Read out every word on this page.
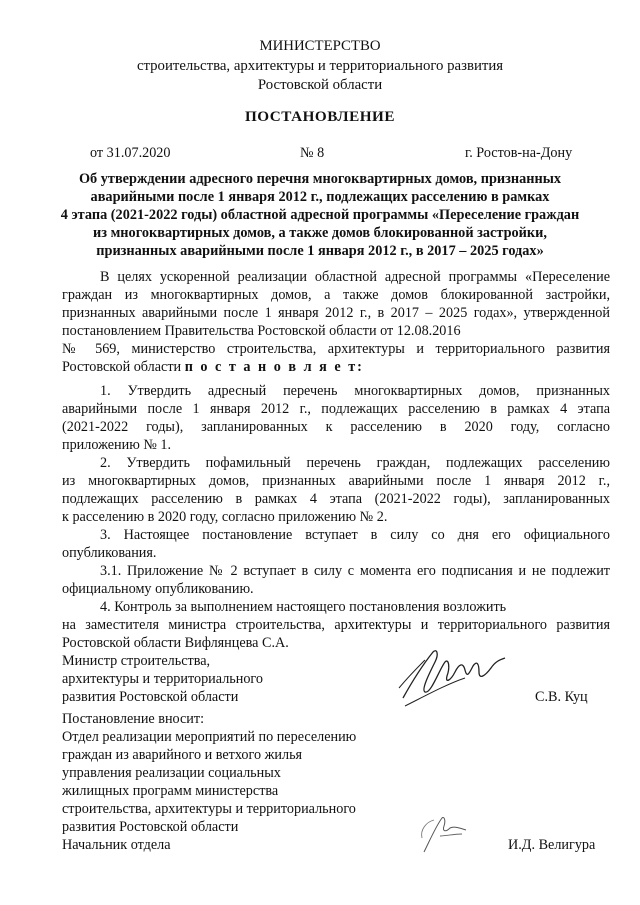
МИНИСТЕРСТВО
строительства, архитектуры и территориального развития
Ростовской области
ПОСТАНОВЛЕНИЕ
от 31.07.2020	№ 8	г. Ростов-на-Дону
Об утверждении адресного перечня многоквартирных домов, признанных
аварийными после 1 января 2012 г., подлежащих расселению в рамках
4 этапа (2021-2022 годы) областной адресной программы «Переселение граждан
из многоквартирных домов, а также домов блокированной застройки,
признанных аварийными после 1 января 2012 г., в 2017 – 2025 годах»
В целях ускоренной реализации областной адресной программы «Переселение
граждан из многоквартирных домов, а также домов блокированной застройки,
признанных аварийными после 1 января 2012 г., в 2017 – 2025 годах», утвержденной
постановлением Правительства Ростовской области от 12.08.2016
№ 569, министерство строительства, архитектуры и территориального развития
Ростовской области п о с т а н о в л я е т:
1. Утвердить адресный перечень многоквартирных домов, признанных
аварийными после 1 января 2012 г., подлежащих расселению в рамках 4 этапа
(2021-2022 годы), запланированных к расселению в 2020 году, согласно
приложению № 1.
2. Утвердить пофамильный перечень граждан, подлежащих расселению
из многоквартирных домов, признанных аварийными после 1 января 2012 г.,
подлежащих расселению в рамках 4 этапа (2021-2022 годы), запланированных
к расселению в 2020 году, согласно приложению № 2.
3. Настоящее постановление вступает в силу со дня его официального
опубликования.
3.1. Приложение № 2 вступает в силу с момента его подписания и не подлежит
официальному опубликованию.
4. Контроль за выполнением настоящего постановления возложить
на заместителя министра строительства, архитектуры и территориального развития
Ростовской области Вифлянцева С.А.
Министр строительства,
архитектуры и территориального
развития Ростовской области	С.В. Куц
Постановление вносит:
Отдел реализации мероприятий по переселению
граждан из аварийного и ветхого жилья
управления реализации социальных
жилищных программ министерства
строительства, архитектуры и территориального
развития Ростовской области
Начальник отдела	И.Д. Велигура
